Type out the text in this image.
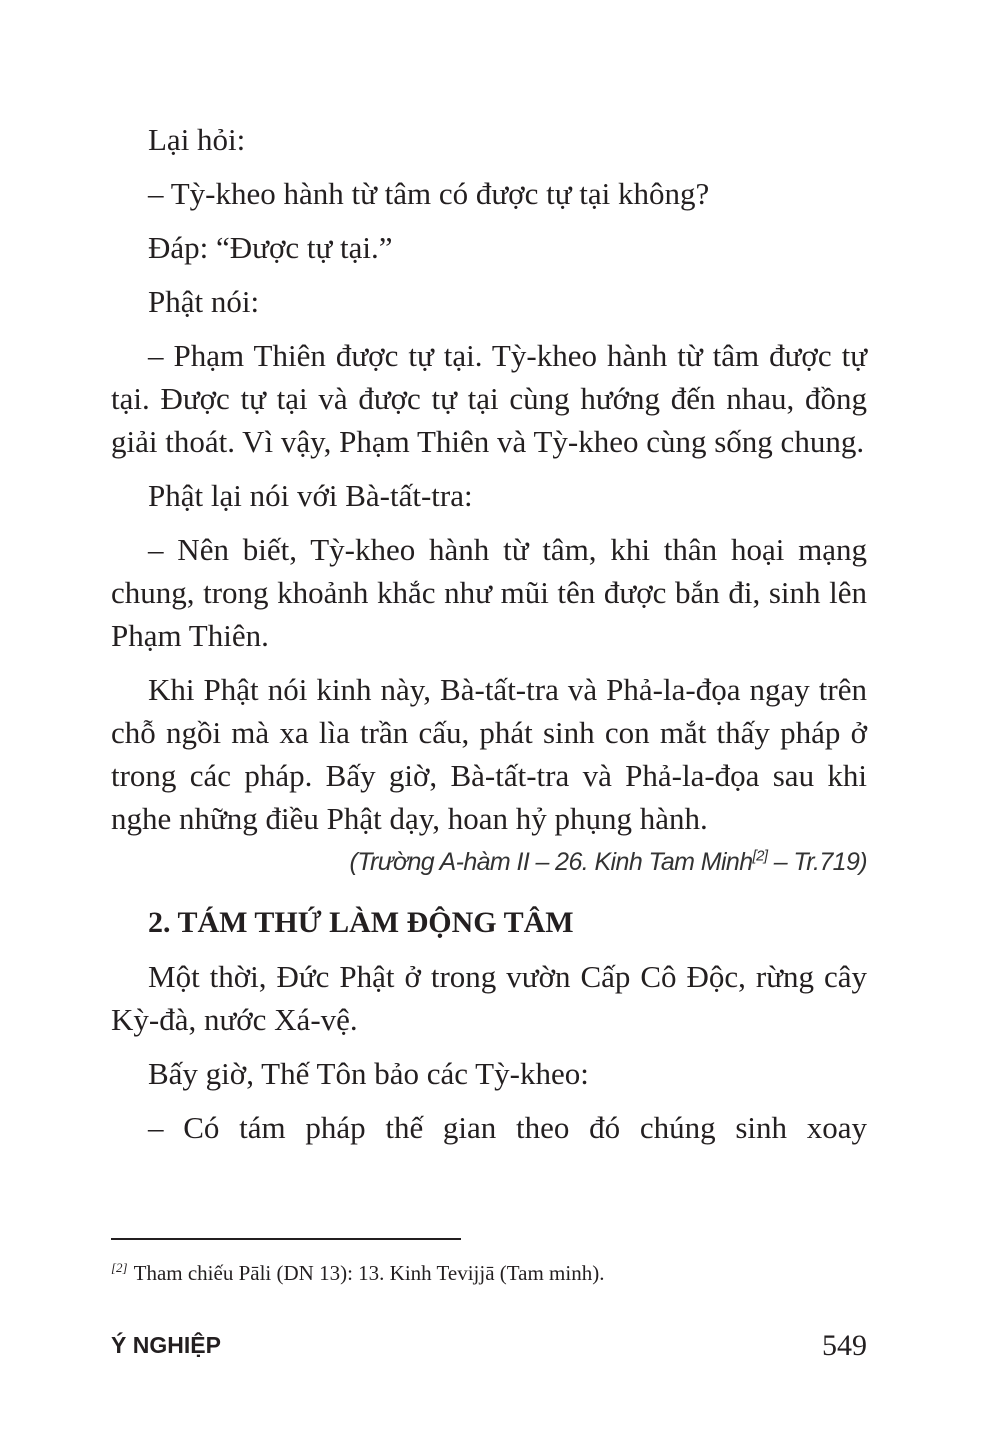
Lại hỏi:

– Tỳ-kheo hành từ tâm có được tự tại không?

Đáp: “Được tự tại.”

Phật nói:

– Phạm Thiên được tự tại. Tỳ-kheo hành từ tâm được tự tại. Được tự tại và được tự tại cùng hướng đến nhau, đồng giải thoát. Vì vậy, Phạm Thiên và Tỳ-kheo cùng sống chung.

Phật lại nói với Bà-tất-tra:

– Nên biết, Tỳ-kheo hành từ tâm, khi thân hoại mạng chung, trong khoảnh khắc như mũi tên được bắn đi, sinh lên Phạm Thiên.

Khi Phật nói kinh này, Bà-tất-tra và Phả-la-đọa ngay trên chỗ ngồi mà xa lìa trần cấu, phát sinh con mắt thấy pháp ở trong các pháp. Bấy giờ, Bà-tất-tra và Phả-la-đọa sau khi nghe những điều Phật dạy, hoan hỷ phụng hành.

(Trường A-hàm II – 26. Kinh Tam Minh[2] – Tr.719)
2. TÁM THỨ LÀM ĐỘNG TÂM

Một thời, Đức Phật ở trong vườn Cấp Cô Độc, rừng cây Kỳ-đà, nước Xá-vệ.

Bấy giờ, Thế Tôn bảo các Tỳ-kheo:

– Có tám pháp thế gian theo đó chúng sinh xoay

[2] Tham chiếu Pāli (DN 13): 13. Kinh Tevijjā (Tam minh).
Ý NGHIỆP	549
